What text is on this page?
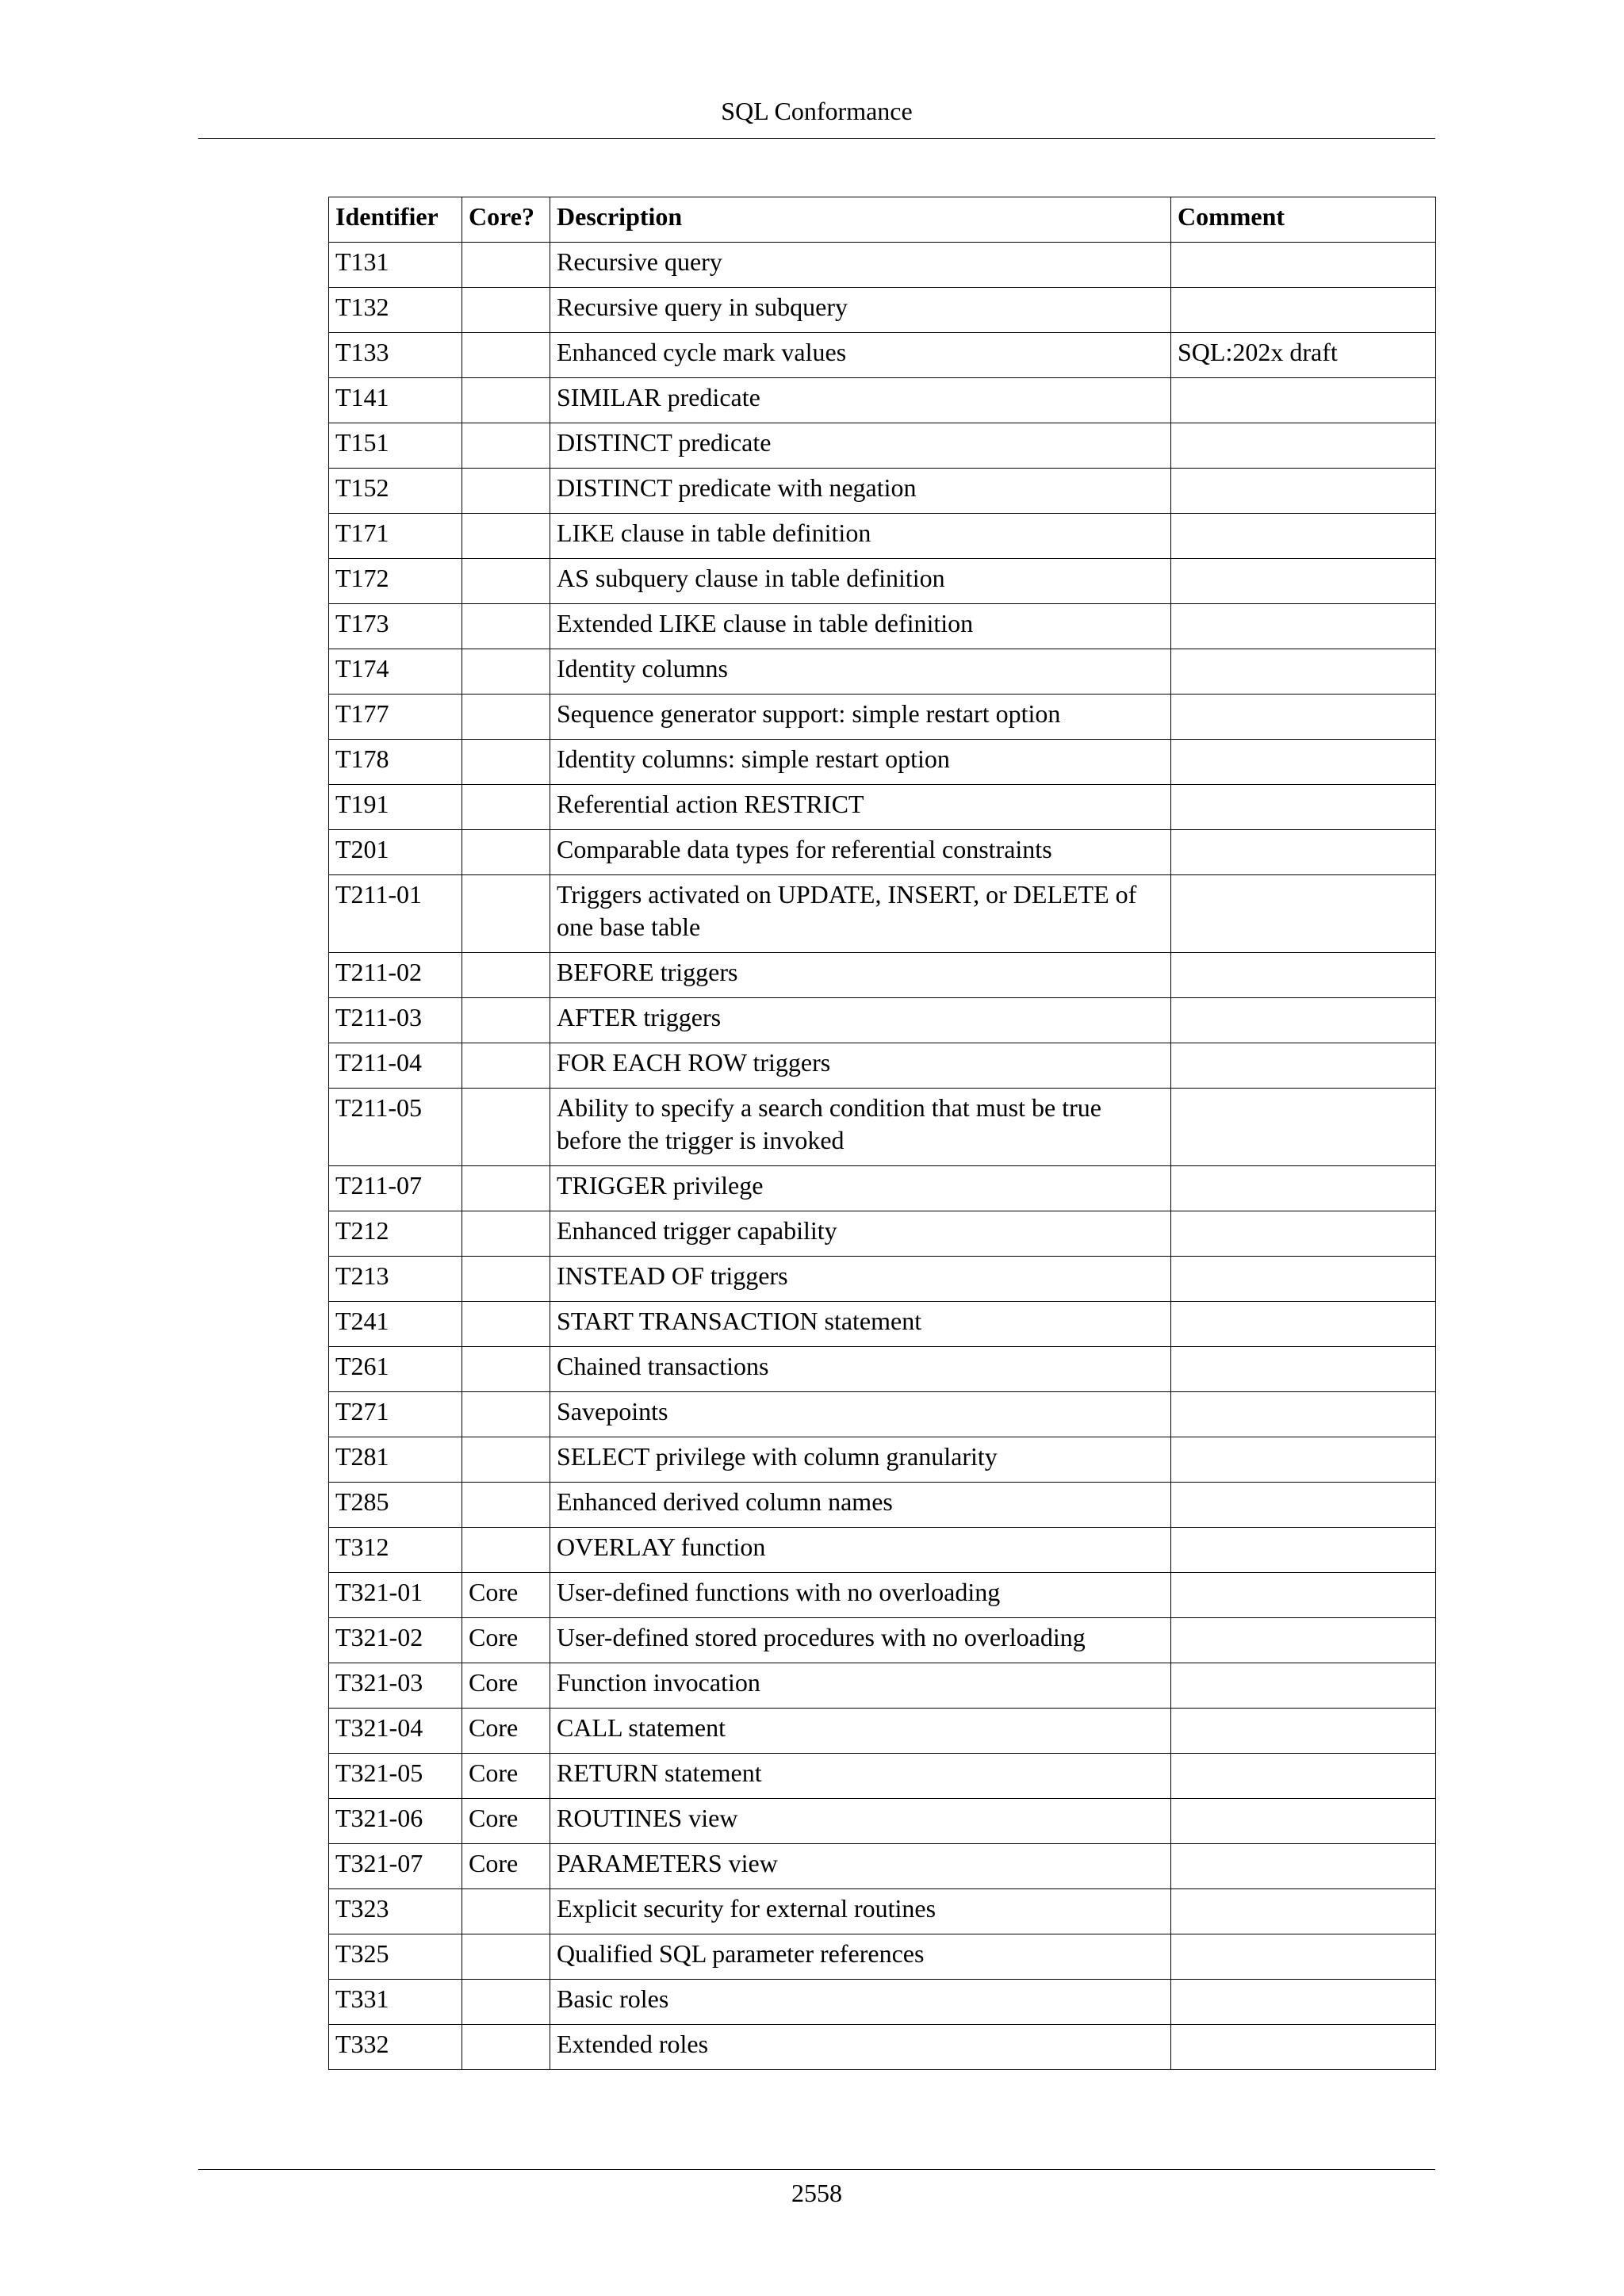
SQL Conformance
Identifier	Core?	Description	Comment
T131		Recursive query	
T132		Recursive query in subquery	
T133		Enhanced cycle mark values	SQL:202x draft
T141		SIMILAR predicate	
T151		DISTINCT predicate	
T152		DISTINCT predicate with negation	
T171		LIKE clause in table definition	
T172		AS subquery clause in table definition	
T173		Extended LIKE clause in table definition	
T174		Identity columns	
T177		Sequence generator support: simple restart option	
T178		Identity columns: simple restart option	
T191		Referential action RESTRICT	
T201		Comparable data types for referential constraints	
T211-01		Triggers activated on UPDATE, INSERT, or DELETE of one base table	
T211-02		BEFORE triggers	
T211-03		AFTER triggers	
T211-04		FOR EACH ROW triggers	
T211-05		Ability to specify a search condition that must be true before the trigger is invoked	
T211-07		TRIGGER privilege	
T212		Enhanced trigger capability	
T213		INSTEAD OF triggers	
T241		START TRANSACTION statement	
T261		Chained transactions	
T271		Savepoints	
T281		SELECT privilege with column granularity	
T285		Enhanced derived column names	
T312		OVERLAY function	
T321-01	Core	User-defined functions with no overloading	
T321-02	Core	User-defined stored procedures with no overloading	
T321-03	Core	Function invocation	
T321-04	Core	CALL statement	
T321-05	Core	RETURN statement	
T321-06	Core	ROUTINES view	
T321-07	Core	PARAMETERS view	
T323		Explicit security for external routines	
T325		Qualified SQL parameter references	
T331		Basic roles	
T332		Extended roles	
2558
